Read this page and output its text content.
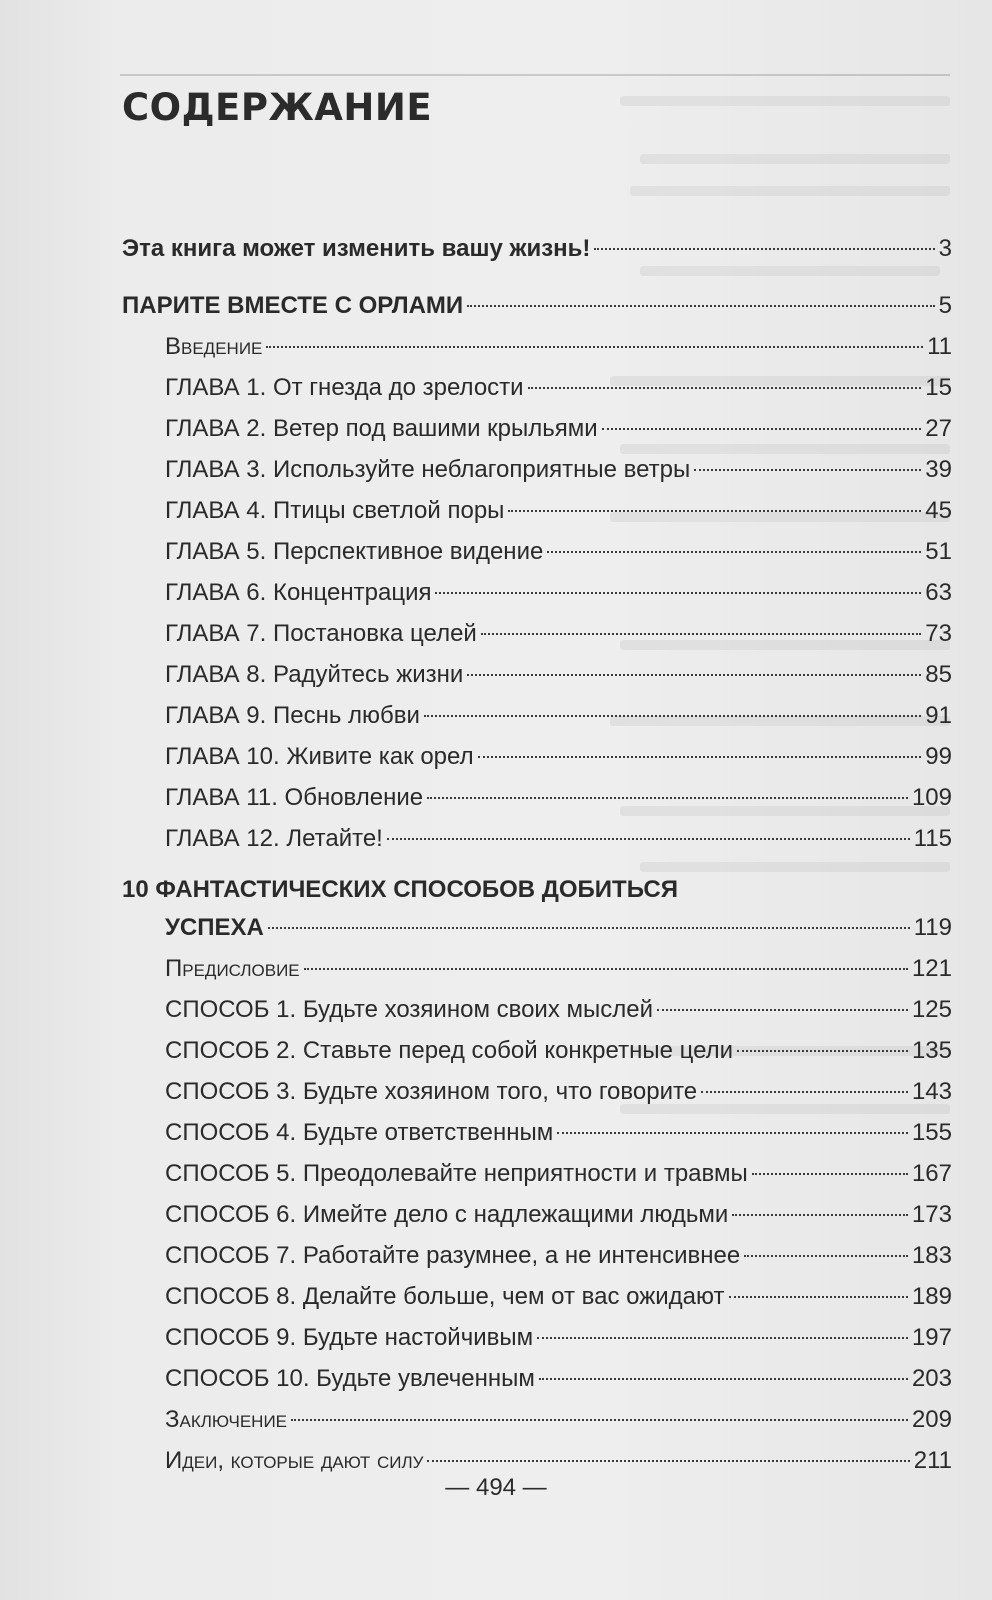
СОДЕРЖАНИЕ
Эта книга может изменить вашу жизнь!	3
ПАРИТЕ ВМЕСТЕ С ОРЛАМИ	5
Введение	11
ГЛАВА 1. От гнезда до зрелости	15
ГЛАВА 2. Ветер под вашими крыльями	27
ГЛАВА 3. Используйте неблагоприятные ветры	39
ГЛАВА 4. Птицы светлой поры	45
ГЛАВА 5. Перспективное видение	51
ГЛАВА 6. Концентрация	63
ГЛАВА 7. Постановка целей	73
ГЛАВА 8. Радуйтесь жизни	85
ГЛАВА 9. Песнь любви	91
ГЛАВА 10. Живите как орел	99
ГЛАВА 11. Обновление	109
ГЛАВА 12. Летайте!	115
10 ФАНТАСТИЧЕСКИХ СПОСОБОВ ДОБИТЬСЯ
УСПЕХА	119
Предисловие	121
СПОСОБ 1. Будьте хозяином своих мыслей	125
СПОСОБ 2. Ставьте перед собой конкретные цели	135
СПОСОБ 3. Будьте хозяином того, что говорите	143
СПОСОБ 4. Будьте ответственным	155
СПОСОБ 5. Преодолевайте неприятности и травмы	167
СПОСОБ 6. Имейте дело с надлежащими людьми	173
СПОСОБ 7. Работайте разумнее, а не интенсивнее	183
СПОСОБ 8. Делайте больше, чем от вас ожидают	189
СПОСОБ 9. Будьте настойчивым	197
СПОСОБ 10. Будьте увлеченным	203
Заключение	209
Идеи, которые дают силу	211
— 494 —
